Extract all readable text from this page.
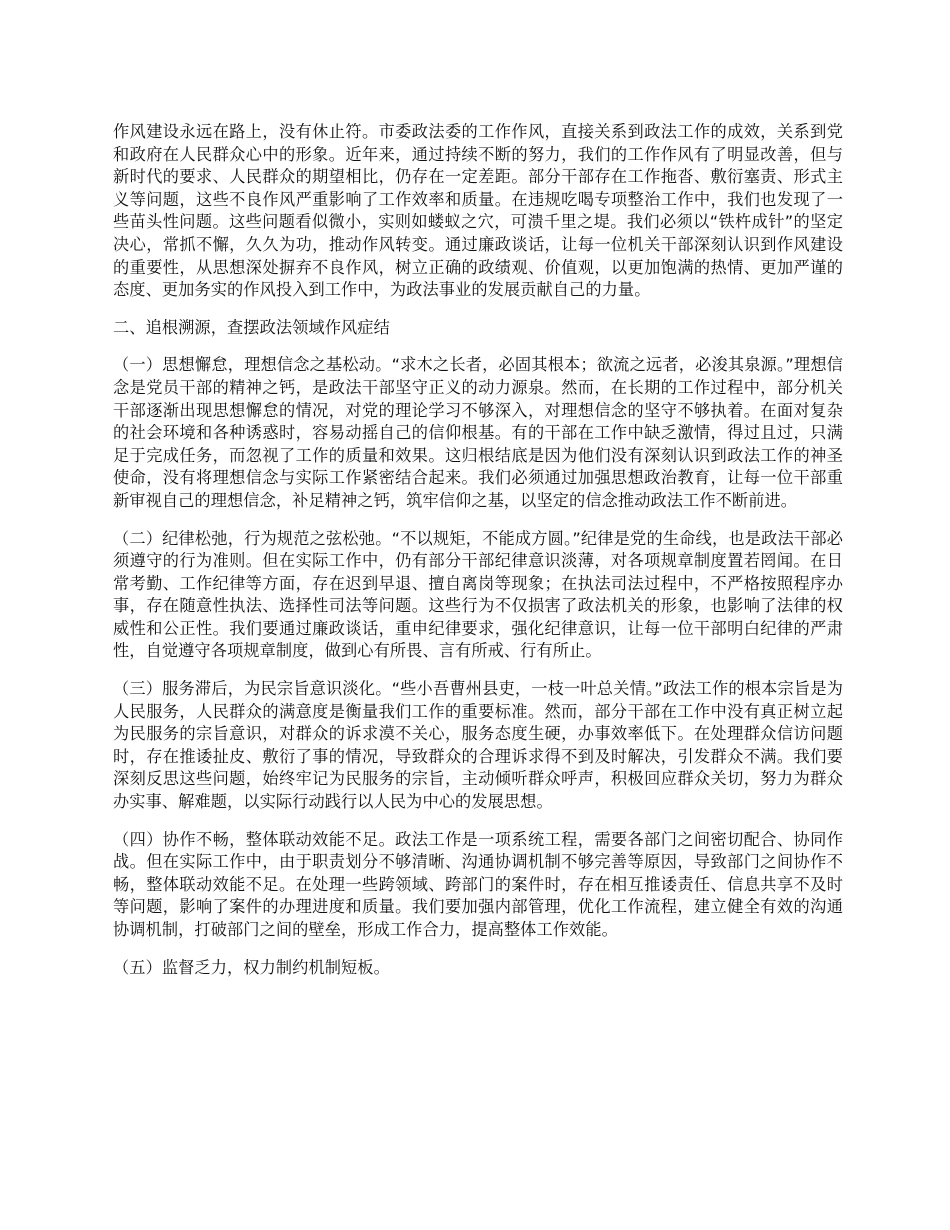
作风建设永远在路上，没有休止符。市委政法委的工作作风，直接关系到政法工作的成效，关系到党和政府在人民群众心中的形象。近年来，通过持续不断的努力，我们的工作作风有了明显改善，但与新时代的要求、人民群众的期望相比，仍存在一定差距。部分干部存在工作拖沓、敷衍塞责、形式主义等问题，这些不良作风严重影响了工作效率和质量。在违规吃喝专项整治工作中，我们也发现了一些苗头性问题。这些问题看似微小，实则如蝼蚁之穴，可溃千里之堤。我们必须以“铁杵成针”的坚定决心，常抓不懈，久久为功，推动作风转变。通过廉政谈话，让每一位机关干部深刻认识到作风建设的重要性，从思想深处摒弃不良作风，树立正确的政绩观、价值观，以更加饱满的热情、更加严谨的态度、更加务实的作风投入到工作中，为政法事业的发展贡献自己的力量。

二、追根溯源，查摆政法领域作风症结

（一）思想懈怠，理想信念之基松动。“求木之长者，必固其根本；欲流之远者，必浚其泉源。”理想信念是党员干部的精神之钙，是政法干部坚守正义的动力源泉。然而，在长期的工作过程中，部分机关干部逐渐出现思想懈怠的情况，对党的理论学习不够深入，对理想信念的坚守不够执着。在面对复杂的社会环境和各种诱惑时，容易动摇自己的信仰根基。有的干部在工作中缺乏激情，得过且过，只满足于完成任务，而忽视了工作的质量和效果。这归根结底是因为他们没有深刻认识到政法工作的神圣使命，没有将理想信念与实际工作紧密结合起来。我们必须通过加强思想政治教育，让每一位干部重新审视自己的理想信念，补足精神之钙，筑牢信仰之基，以坚定的信念推动政法工作不断前进。

（二）纪律松弛，行为规范之弦松弛。“不以规矩，不能成方圆。”纪律是党的生命线，也是政法干部必须遵守的行为准则。但在实际工作中，仍有部分干部纪律意识淡薄，对各项规章制度置若罔闻。在日常考勤、工作纪律等方面，存在迟到早退、擅自离岗等现象；在执法司法过程中，不严格按照程序办事，存在随意性执法、选择性司法等问题。这些行为不仅损害了政法机关的形象，也影响了法律的权威性和公正性。我们要通过廉政谈话，重申纪律要求，强化纪律意识，让每一位干部明白纪律的严肃性，自觉遵守各项规章制度，做到心有所畏、言有所戒、行有所止。

（三）服务滞后，为民宗旨意识淡化。“些小吾曹州县吏，一枝一叶总关情。”政法工作的根本宗旨是为人民服务，人民群众的满意度是衡量我们工作的重要标准。然而，部分干部在工作中没有真正树立起为民服务的宗旨意识，对群众的诉求漠不关心，服务态度生硬，办事效率低下。在处理群众信访问题时，存在推诿扯皮、敷衍了事的情况，导致群众的合理诉求得不到及时解决，引发群众不满。我们要深刻反思这些问题，始终牢记为民服务的宗旨，主动倾听群众呼声，积极回应群众关切，努力为群众办实事、解难题，以实际行动践行以人民为中心的发展思想。

（四）协作不畅，整体联动效能不足。政法工作是一项系统工程，需要各部门之间密切配合、协同作战。但在实际工作中，由于职责划分不够清晰、沟通协调机制不够完善等原因，导致部门之间协作不畅，整体联动效能不足。在处理一些跨领域、跨部门的案件时，存在相互推诿责任、信息共享不及时等问题，影响了案件的办理进度和质量。我们要加强内部管理，优化工作流程，建立健全有效的沟通协调机制，打破部门之间的壁垒，形成工作合力，提高整体工作效能。

（五）监督乏力，权力制约机制短板。
